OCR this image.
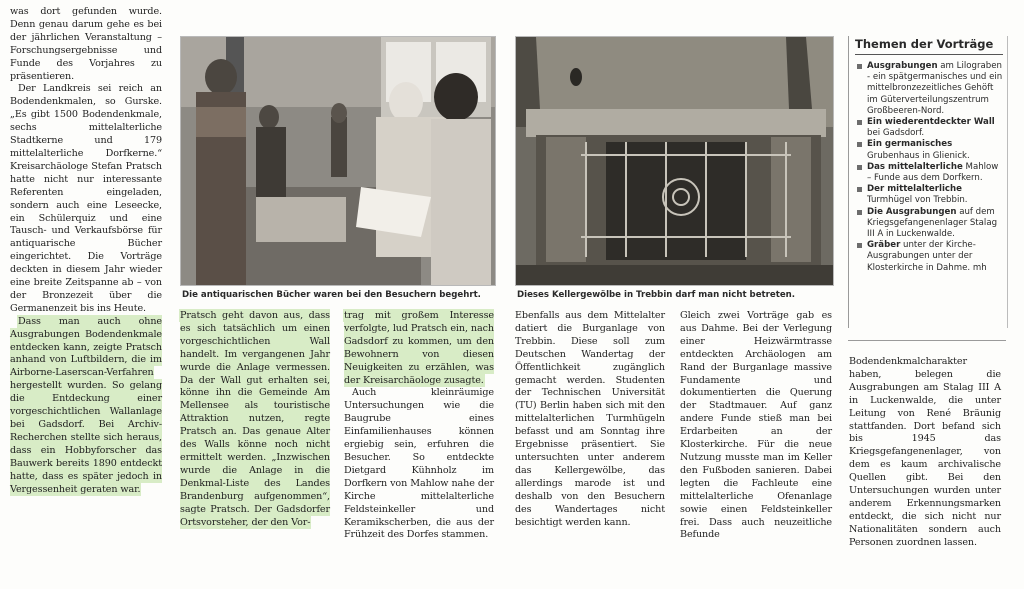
was dort gefunden wurde. Denn genau darum gehe es bei der jährlichen Veranstaltung – Forschungsergebnisse und Funde des Vorjahres zu präsentieren.

Der Landkreis sei reich an Bodendenkmalen, so Gurske. „Es gibt 1500 Bodendenkmale, sechs mittelalterliche Stadtkerne und 179 mittelalterliche Dorfkerne.“ Kreisarchäologe Stefan Pratsch hatte nicht nur interessante Referenten eingeladen, sondern auch eine Leseecke, ein Schülerquiz und eine Tausch- und Verkaufsbörse für antiquarische Bücher eingerichtet. Die Vorträge deckten in diesem Jahr wieder eine breite Zeitspanne ab – von der Bronzezeit über die Germanenzeit bis ins Heute.

Dass man auch ohne Ausgrabungen Bodendenkmale entdecken kann, zeigte Pratsch anhand von Luftbildern, die im Airborne-Laserscan-Verfahren hergestellt wurden. So gelang die Entdeckung einer vorgeschichtlichen Wallanlage bei Gadsdorf. Bei Archiv-Recherchen stellte sich heraus, dass ein Hobbyforscher das Bauwerk bereits 1890 entdeckt hatte, dass es später jedoch in Vergessenheit geraten war.

Die antiquarischen Bücher waren bei den Besuchern begehrt.	Dieses Kellergewölbe in Trebbin darf man nicht betreten.

Pratsch geht davon aus, dass es sich tatsächlich um einen vorgeschichtlichen Wall handelt. Im vergangenen Jahr wurde die Anlage vermessen. Da der Wall gut erhalten sei, könne ihn die Gemeinde Am Mellensee als touristische Attraktion nutzen, regte Pratsch an. Das genaue Alter des Walls könne noch nicht ermittelt werden. „Inzwischen wurde die Anlage in die Denkmal-Liste des Landes Brandenburg aufgenommen“, sagte Pratsch. Der Gadsdorfer Ortsvorsteher, der den Vor-

trag mit großem Interesse verfolgte, lud Pratsch ein, nach Gadsdorf zu kommen, um den Bewohnern von diesen Neuigkeiten zu erzählen, was der Kreisarchäologe zusagte.

Auch kleinräumige Untersuchungen wie die Baugrube eines Einfamilienhauses können ergiebig sein, erfuhren die Besucher. So entdeckte Dietgard Kühnholz im Dorfkern von Mahlow nahe der Kirche mittelalterliche Feldsteinkeller und Keramikscherben, die aus der Frühzeit des Dorfes stammen.

Ebenfalls aus dem Mittelalter datiert die Burganlage von Trebbin. Diese soll zum Deutschen Wandertag der Öffentlichkeit zugänglich gemacht werden. Studenten der Technischen Universität (TU) Berlin haben sich mit den mittelalterlichen Turmhügeln befasst und am Sonntag ihre Ergebnisse präsentiert. Sie untersuchten unter anderem das Kellergewölbe, das allerdings marode ist und deshalb von den Besuchern des Wandertages nicht besichtigt werden kann.

Gleich zwei Vorträge gab es aus Dahme. Bei der Verlegung einer Heizwärmtrasse entdeckten Archäologen am Rand der Burganlage massive Fundamente und dokumentierten die Querung der Stadtmauer. Auf ganz andere Funde stieß man bei Erdarbeiten an der Klosterkirche. Für die neue Nutzung musste man im Keller den Fußboden sanieren. Dabei legten die Fachleute eine mittelalterliche Ofenanlage sowie einen Feldsteinkeller frei. Dass auch neuzeitliche Befunde

Themen der Vorträge
Ausgrabungen am Lilograben - ein spätgermanisches und ein mittelbronzezeitliches Gehöft im Güterverteilungszentrum Großbeeren-Nord.
Ein wiederentdeckter Wall bei Gadsdorf.
Ein germanisches Grubenhaus in Glienick.
Das mittelalterliche Mahlow – Funde aus dem Dorfkern.
Der mittelalterliche Turmhügel von Trebbin.
Die Ausgrabungen auf dem Kriegsgefangenenlager Stalag III A in Luckenwalde.
Gräber unter der Kirche-Ausgrabungen unter der Klosterkirche in Dahme. mh

Bodendenkmalcharakter haben, belegen die Ausgrabungen am Stalag III A in Luckenwalde, die unter Leitung von René Bräunig stattfanden. Dort befand sich bis 1945 das Kriegsgefangenenlager, von dem es kaum archivalische Quellen gibt. Bei den Untersuchungen wurden unter anderem Erkennungsmarken entdeckt, die sich nicht nur Nationalitäten sondern auch Personen zuordnen lassen.
